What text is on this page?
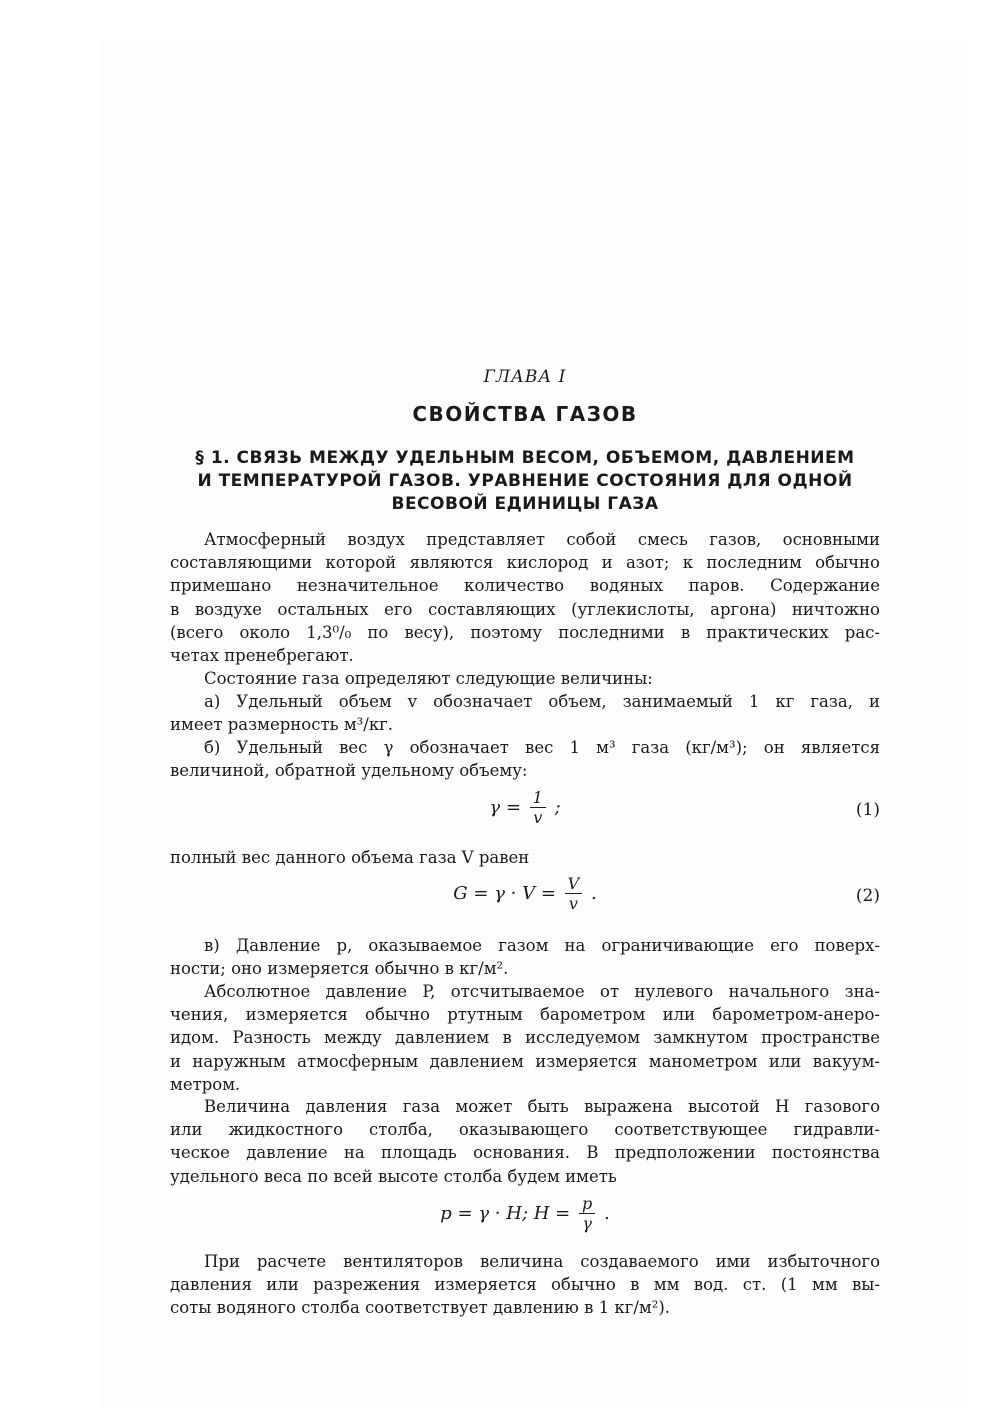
ГЛАВА I
СВОЙСТВА ГАЗОВ
§ 1. СВЯЗЬ МЕЖДУ УДЕЛЬНЫМ ВЕСОМ, ОБЪЕМОМ, ДАВЛЕНИЕМ
И ТЕМПЕРАТУРОЙ ГАЗОВ. УРАВНЕНИЕ СОСТОЯНИЯ ДЛЯ ОДНОЙ
ВЕСОВОЙ ЕДИНИЦЫ ГАЗА
Атмосферный воздух представляет собой смесь газов, основными
составляющими которой являются кислород и азот; к последним обычно
примешано незначительное количество водяных паров. Содержание
в воздухе остальных его составляющих (углекислоты, аргона) ничтожно
(всего около 1,3⁰/₀ по весу), поэтому последними в практических рас-
четах пренебрегают.
Состояние газа определяют следующие величины:
а) Удельный объем v обозначает объем, занимаемый 1 кг газа, и
имеет размерность м³/кг.
б) Удельный вес γ обозначает вес 1 м³ газа (кг/м³); он является
величиной, обратной удельному объему:
$\gamma = \frac{1}{v}$ ;	(1)
полный вес данного объема газа V равен
$G = \gamma \cdot V = \frac{V}{v}$ .	(2)
в) Давление p, оказываемое газом на ограничивающие его поверх-
ности; оно измеряется обычно в кг/м².
Абсолютное давление P, отсчитываемое от нулевого начального зна-
чения, измеряется обычно ртутным барометром или барометром-анеро-
идом. Разность между давлением в исследуемом замкнутом пространстве
и наружным атмосферным давлением измеряется манометром или вакуум-
метром.
Величина давления газа может быть выражена высотой H газового
или жидкостного столба, оказывающего соответствующее гидравли-
ческое давление на площадь основания. В предположении постоянства
удельного веса по всей высоте столба будем иметь
p = γ · H; $H = \frac{p}{\gamma}$ .
При расчете вентиляторов величина создаваемого ими избыточного
давления или разрежения измеряется обычно в мм вод. ст. (1 мм вы-
соты водяного столба соответствует давлению в 1 кг/м²).
